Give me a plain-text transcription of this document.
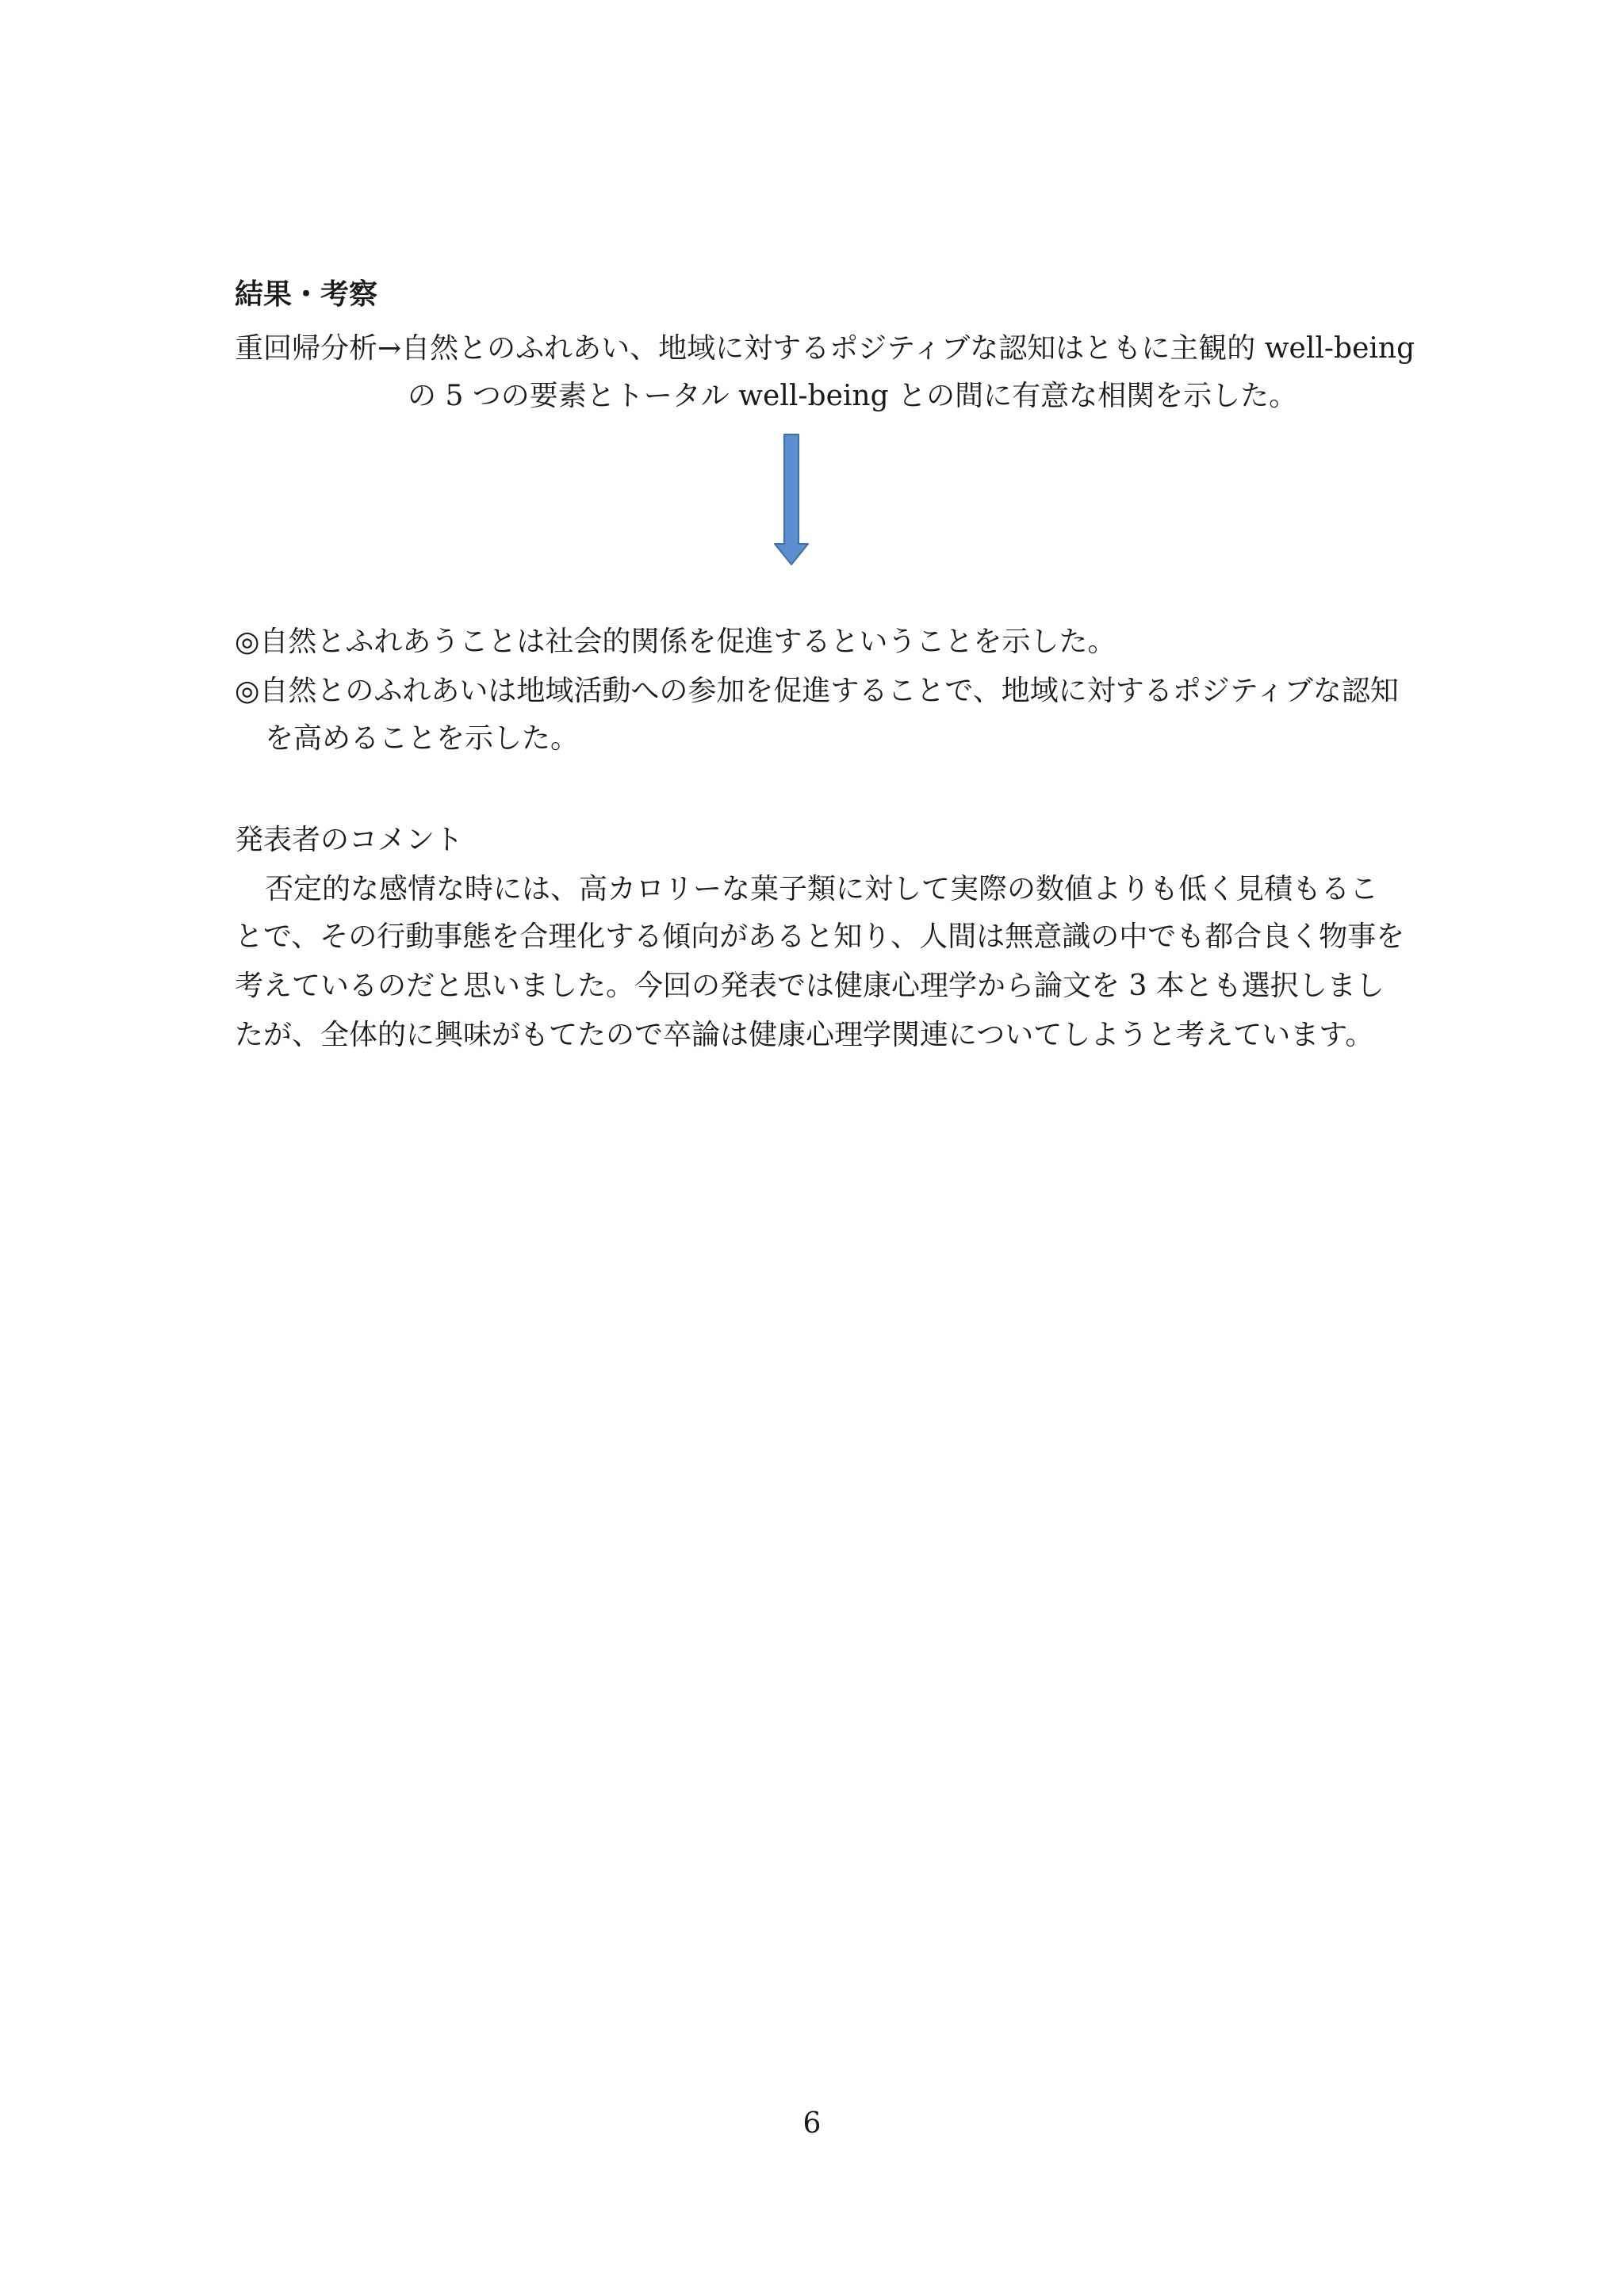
結果・考察
重回帰分析→自然とのふれあい、地域に対するポジティブな認知はともに主観的 well-being
の 5 つの要素とトータル well-being との間に有意な相関を示した。
◎自然とふれあうことは社会的関係を促進するということを示した。
◎自然とのふれあいは地域活動への参加を促進することで、地域に対するポジティブな認知
を高めることを示した。
発表者のコメント
否定的な感情な時には、高カロリーな菓子類に対して実際の数値よりも低く見積もるこ
とで、その行動事態を合理化する傾向があると知り、人間は無意識の中でも都合良く物事を
考えているのだと思いました。今回の発表では健康心理学から論文を 3 本とも選択しまし
たが、全体的に興味がもてたので卒論は健康心理学関連についてしようと考えています。
6
